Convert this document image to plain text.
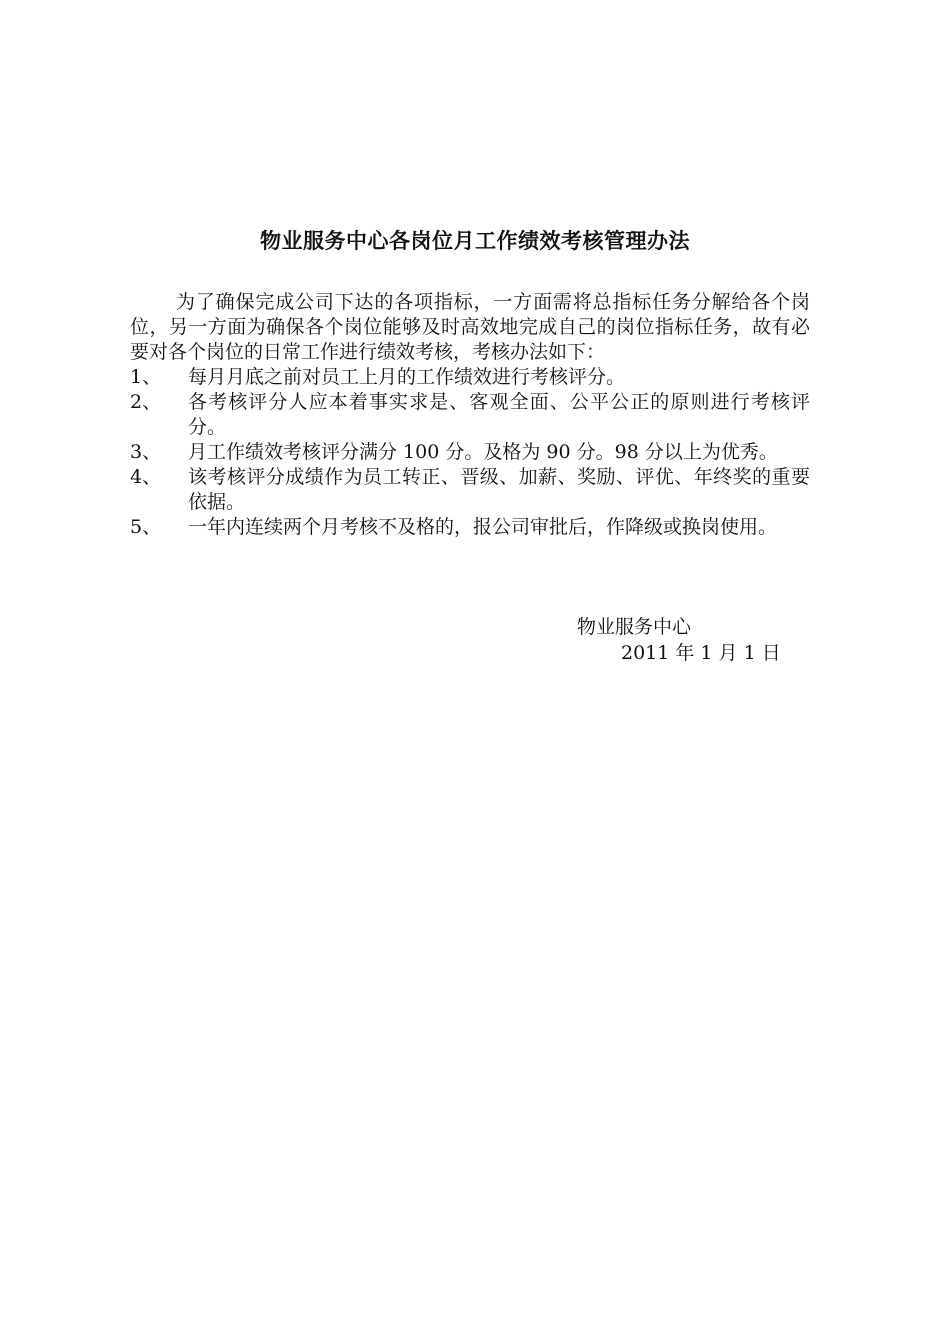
物业服务中心各岗位月工作绩效考核管理办法

为了确保完成公司下达的各项指标，一方面需将总指标任务分解给各个岗位，另一方面为确保各个岗位能够及时高效地完成自己的岗位指标任务，故有必要对各个岗位的日常工作进行绩效考核，考核办法如下：

1、	每月月底之前对员工上月的工作绩效进行考核评分。
2、	各考核评分人应本着事实求是、客观全面、公平公正的原则进行考核评分。
3、	月工作绩效考核评分满分 100 分。及格为 90 分。98 分以上为优秀。
4、	该考核评分成绩作为员工转正、晋级、加薪、奖励、评优、年终奖的重要依据。
5、	一年内连续两个月考核不及格的，报公司审批后，作降级或换岗使用。
物业服务中心
2011 年 1 月 1 日
